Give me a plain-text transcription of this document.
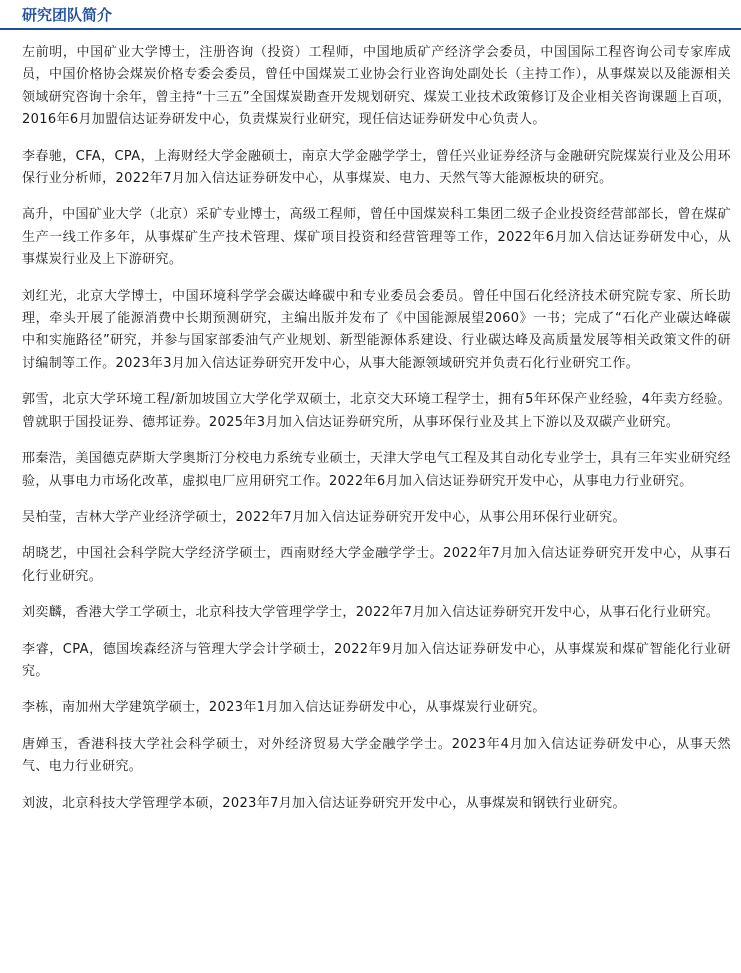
研究团队简介

左前明，中国矿业大学博士，注册咨询（投资）工程师，中国地质矿产经济学会委员，中国国际工程咨询公司专家库成员，中国价格协会煤炭价格专委会委员，曾任中国煤炭工业协会行业咨询处副处长（主持工作），从事煤炭以及能源相关领域研究咨询十余年，曾主持“十三五”全国煤炭勘查开发规划研究、煤炭工业技术政策修订及企业相关咨询课题上百项，2016年6月加盟信达证券研发中心，负责煤炭行业研究，现任信达证券研发中心负责人。

李春驰，CFA，CPA，上海财经大学金融硕士，南京大学金融学学士，曾任兴业证券经济与金融研究院煤炭行业及公用环保行业分析师，2022年7月加入信达证券研发中心，从事煤炭、电力、天然气等大能源板块的研究。

高升，中国矿业大学（北京）采矿专业博士，高级工程师，曾任中国煤炭科工集团二级子企业投资经营部部长，曾在煤矿生产一线工作多年，从事煤矿生产技术管理、煤矿项目投资和经营管理等工作，2022年6月加入信达证券研发中心，从事煤炭行业及上下游研究。

刘红光，北京大学博士，中国环境科学学会碳达峰碳中和专业委员会委员。曾任中国石化经济技术研究院专家、所长助理，牵头开展了能源消费中长期预测研究，主编出版并发布了《中国能源展望2060》一书；完成了“石化产业碳达峰碳中和实施路径”研究，并参与国家部委油气产业规划、新型能源体系建设、行业碳达峰及高质量发展等相关政策文件的研讨编制等工作。2023年3月加入信达证券研究开发中心，从事大能源领域研究并负责石化行业研究工作。

郭雪，北京大学环境工程/新加坡国立大学化学双硕士，北京交大环境工程学士，拥有5年环保产业经验，4年卖方经验。曾就职于国投证券、德邦证券。2025年3月加入信达证券研究所，从事环保行业及其上下游以及双碳产业研究。

邢秦浩，美国德克萨斯大学奥斯汀分校电力系统专业硕士，天津大学电气工程及其自动化专业学士，具有三年实业研究经验，从事电力市场化改革，虚拟电厂应用研究工作。2022年6月加入信达证券研究开发中心，从事电力行业研究。

吴柏莹，吉林大学产业经济学硕士，2022年7月加入信达证券研究开发中心，从事公用环保行业研究。

胡晓艺，中国社会科学院大学经济学硕士，西南财经大学金融学学士。2022年7月加入信达证券研究开发中心，从事石化行业研究。

刘奕麟，香港大学工学硕士，北京科技大学管理学学士，2022年7月加入信达证券研究开发中心，从事石化行业研究。

李睿，CPA，德国埃森经济与管理大学会计学硕士，2022年9月加入信达证券研发中心，从事煤炭和煤矿智能化行业研究。

李栋，南加州大学建筑学硕士，2023年1月加入信达证券研发中心，从事煤炭行业研究。

唐婵玉，香港科技大学社会科学硕士，对外经济贸易大学金融学学士。2023年4月加入信达证券研发中心，从事天然气、电力行业研究。

刘波，北京科技大学管理学本硕，2023年7月加入信达证券研究开发中心，从事煤炭和钢铁行业研究。
